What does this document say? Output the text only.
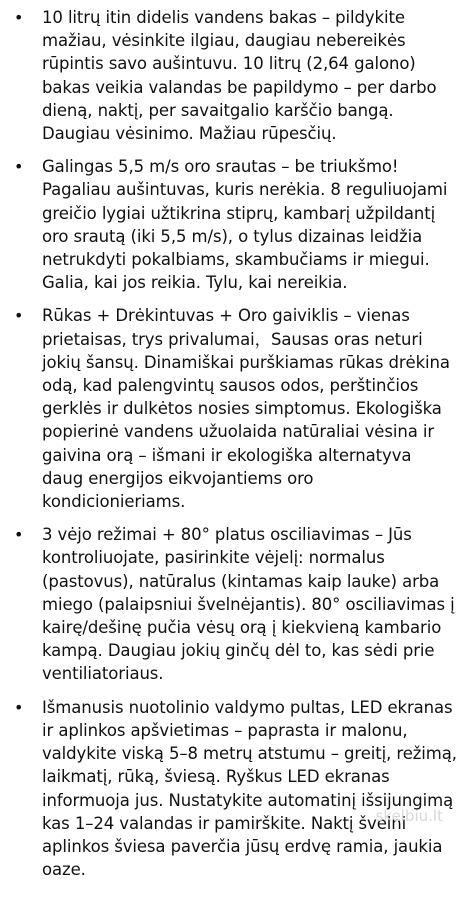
• 10 litrų itin didelis vandens bakas – pildykite mažiau, vėsinkite ilgiau, daugiau nebereikės rūpintis savo aušintuvu. 10 litrų (2,64 galono) bakas veikia valandas be papildymo – per darbo dieną, naktį, per savaitgalio karščio bangą. Daugiau vėsinimo. Mažiau rūpesčių.
• Galingas 5,5 m/s oro srautas – be triukšmo! Pagaliau aušintuvas, kuris nerėkia. 8 reguliuojami greičio lygiai užtikrina stiprų, kambarį užpildantį oro srautą (iki 5,5 m/s), o tylus dizainas leidžia netrukdyti pokalbiams, skambučiams ir miegui. Galia, kai jos reikia. Tylu, kai nereikia.
• Rūkas + Drėkintuvas + Oro gaiviklis – vienas prietaisas, trys privalumai，Sausas oras neturi jokių šansų. Dinamiškai purškiamas rūkas drėkina odą, kad palengvintų sausos odos, perštinčios gerklės ir dulkėtos nosies simptomus. Ekologiška popierinė vandens užuolaida natūraliai vėsina ir gaivina orą – išmani ir ekologiška alternatyva daug energijos eikvojantiems oro kondicionieriams.
• 3 vėjo režimai + 80° platus osciliavimas – Jūs kontroliuojate, pasirinkite vėjelį: normalus (pastovus), natūralus (kintamas kaip lauke) arba miego (palaipsniui švelnėjantis). 80° osciliavimas į kairę/dešinę pučia vėsų orą į kiekvieną kambario kampą. Daugiau jokių ginčų dėl to, kas sėdi prie ventiliatoriaus.
• Išmanusis nuotolinio valdymo pultas, LED ekranas ir aplinkos apšvietimas – paprasta ir malonu, valdykite viską 5–8 metrų atstumu – greitį, režimą, laikmatį, rūką, šviesą. Ryškus LED ekranas informuoja jus. Nustatykite automatinį išsijungimą kas 1–24 valandas ir pamirškite. Naktį švelni aplinkos šviesa paverčia jūsų erdvę ramia, jaukia oaze.
skelbiu.lt
